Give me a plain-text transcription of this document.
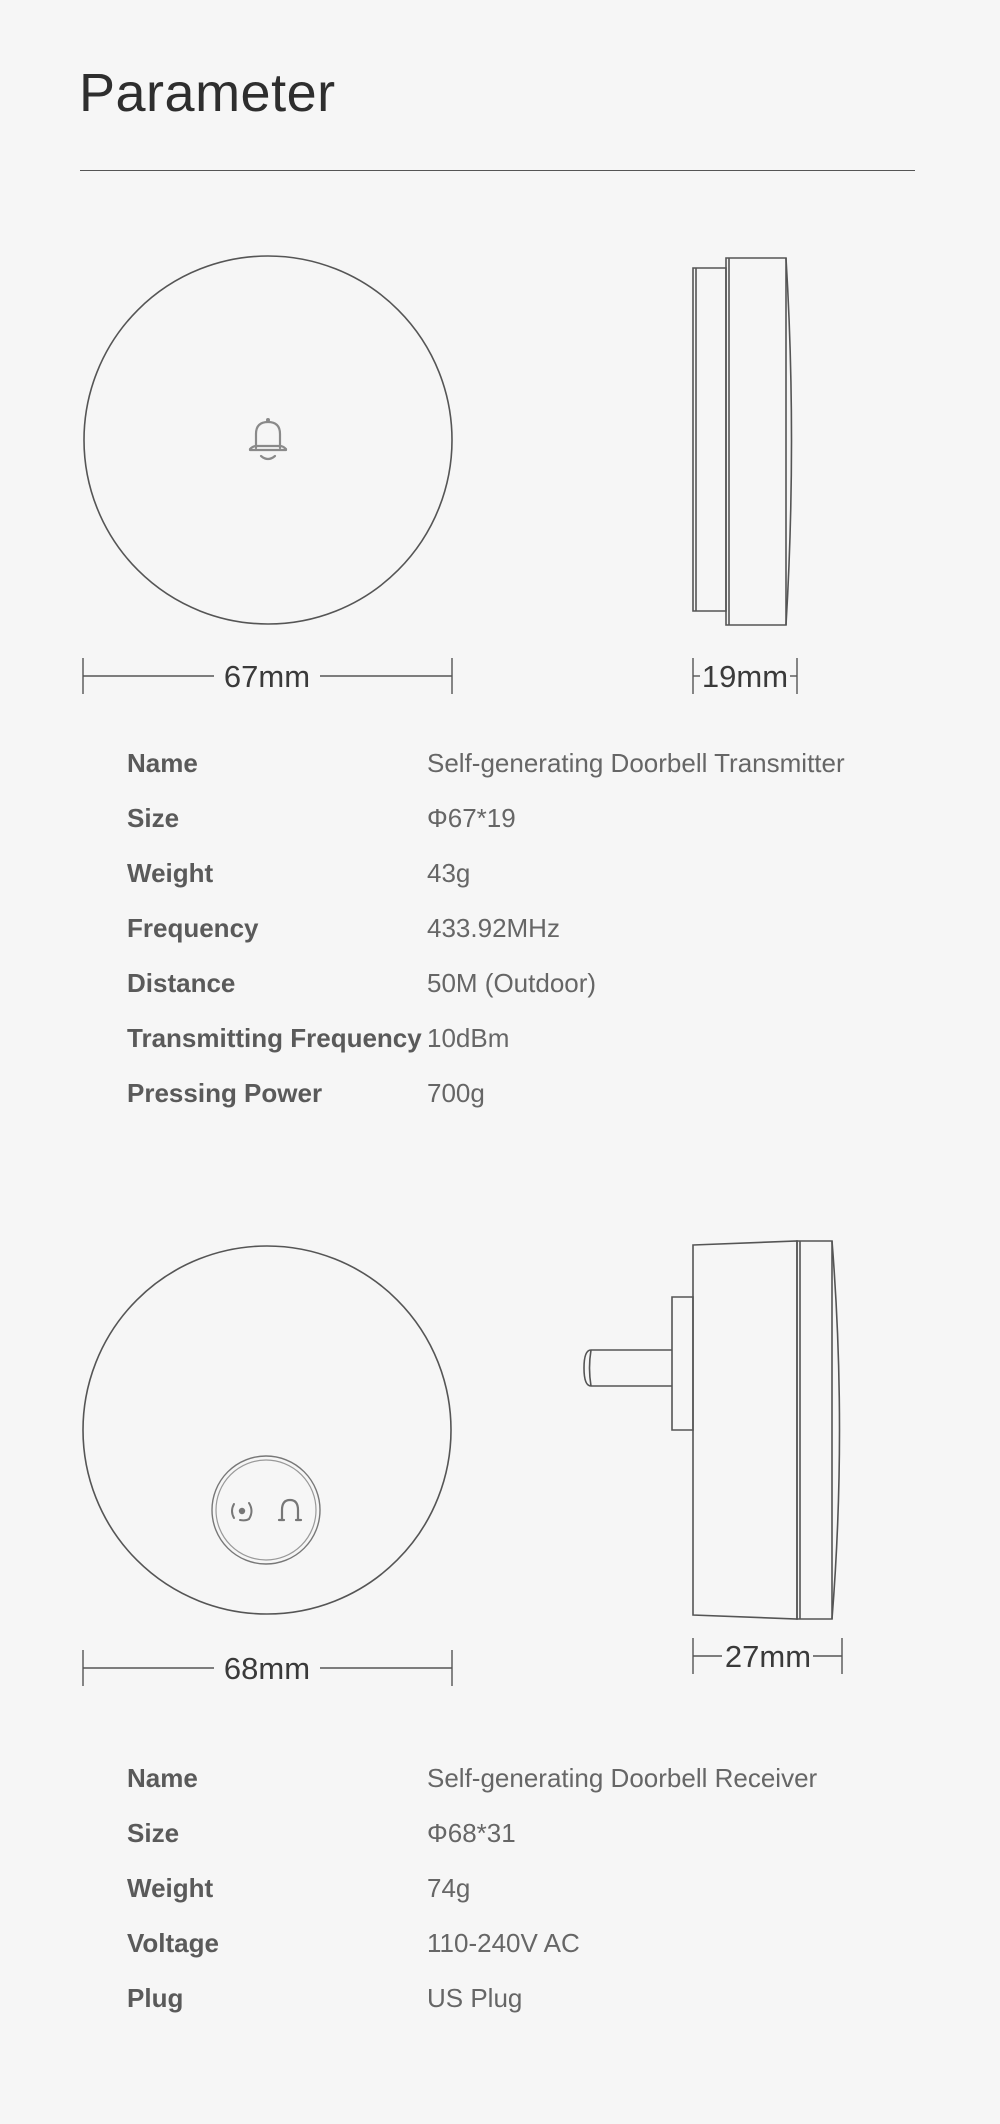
Parameter
67mm	19mm
Name	Self-generating Doorbell Transmitter
Size	Φ67*19
Weight	43g
Frequency	433.92MHz
Distance	50M (Outdoor)
Transmitting Frequency 10dBm
Pressing Power	700g
68mm	27mm
Name	Self-generating Doorbell Receiver
Size	Φ68*31
Weight	74g
Voltage	110-240V AC
Plug	US Plug
